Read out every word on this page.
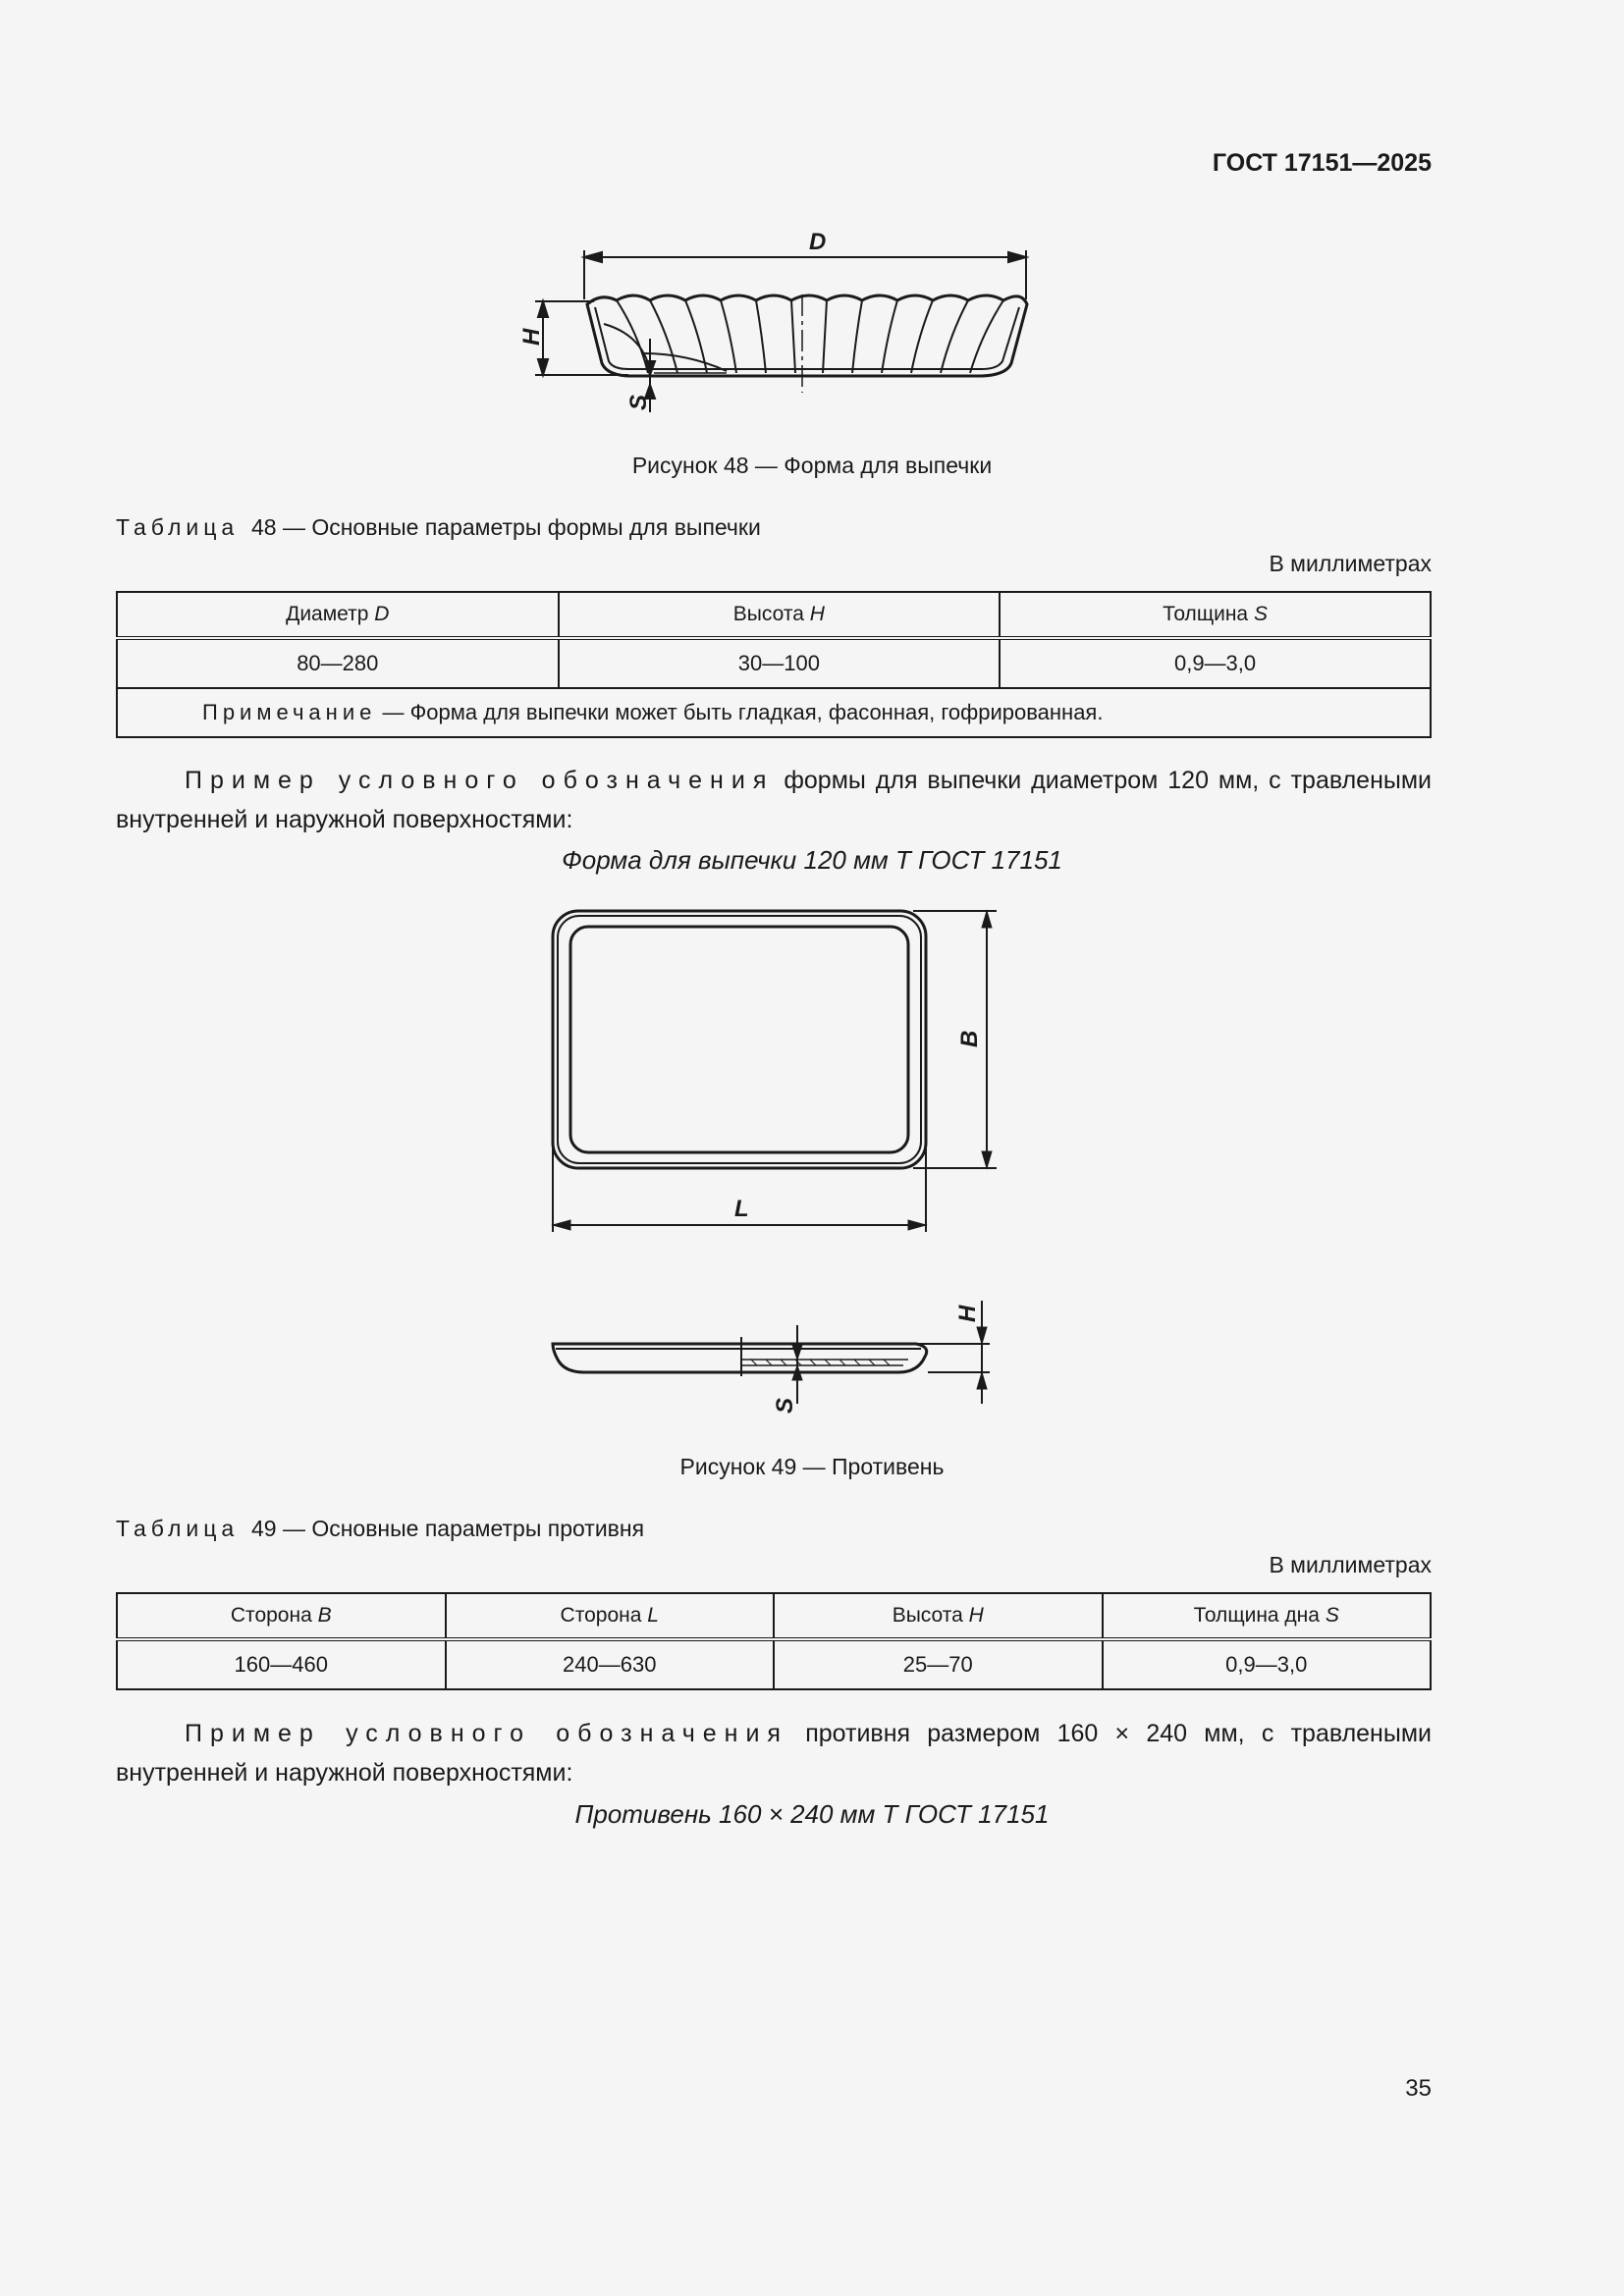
ГОСТ 17151—2025
D
H
S
Рисунок 48 — Форма для выпечки
Таблица 48 — Основные параметры формы для выпечки
В миллиметрах
Диаметр D	Высота H	Толщина S
80—280	30—100	0,9—3,0
Примечание — Форма для выпечки может быть гладкая, фасонная, гофрированная.		
Пример условного обозначения формы для выпечки диаметром 120 мм, с травлеными внутренней и наружной поверхностями:
Форма для выпечки 120 мм Т ГОСТ 17151
B
L
H
S
Рисунок 49 — Противень
Таблица 49 — Основные параметры противня
В миллиметрах
Сторона B	Сторона L	Высота H	Толщина дна S
160—460	240—630	25—70	0,9—3,0
Пример условного обозначения противня размером 160 × 240 мм, с травлеными внутренней и наружной поверхностями:
Противень 160 × 240 мм Т ГОСТ 17151
35
